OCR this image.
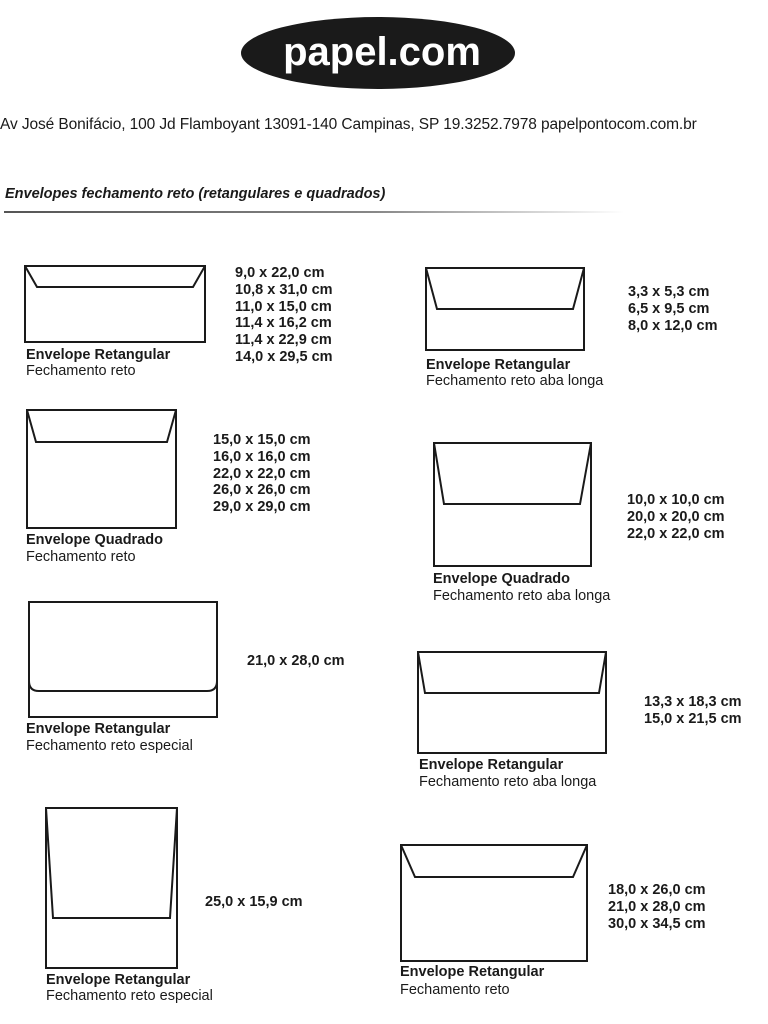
papel.com
Av José Bonifácio, 100 Jd Flamboyant 13091-140 Campinas, SP 19.3252.7978 papelpontocom.com.br
Envelopes fechamento reto (retangulares e quadrados)
Envelope Retangular
Fechamento reto
9,0 x 22,0 cm
10,8 x 31,0 cm
11,0 x 15,0 cm
11,4 x 16,2 cm
11,4 x 22,9 cm
14,0 x 29,5 cm
Envelope Retangular
Fechamento reto aba longa
3,3 x 5,3 cm
6,5 x 9,5 cm
8,0 x 12,0 cm
Envelope Quadrado
Fechamento reto
15,0 x 15,0 cm
16,0 x 16,0 cm
22,0 x 22,0 cm
26,0 x 26,0 cm
29,0 x 29,0 cm
Envelope Quadrado
Fechamento reto aba longa
10,0 x 10,0 cm
20,0 x 20,0 cm
22,0 x 22,0 cm
Envelope Retangular
Fechamento reto especial
21,0 x 28,0 cm
Envelope Retangular
Fechamento reto aba longa
13,3 x 18,3 cm
15,0 x 21,5 cm
Envelope Retangular
Fechamento reto especial
25,0 x 15,9 cm
Envelope Retangular
Fechamento reto
18,0 x 26,0 cm
21,0 x 28,0 cm
30,0 x 34,5 cm
